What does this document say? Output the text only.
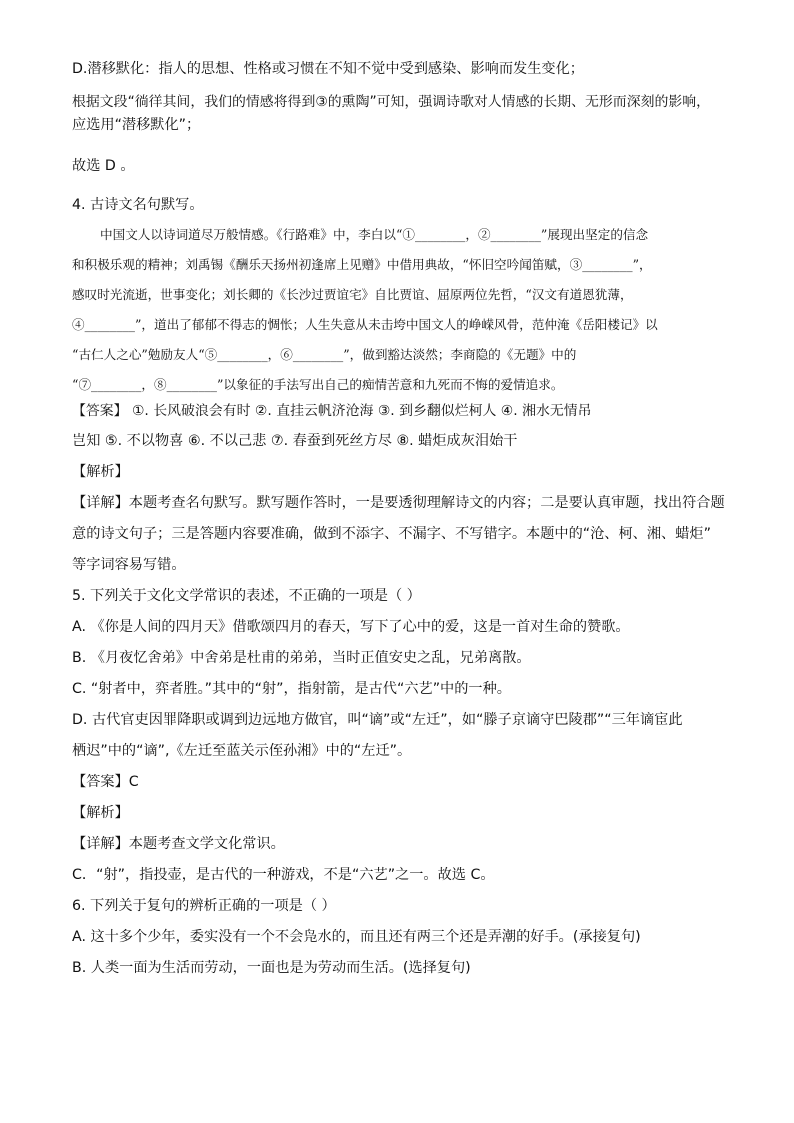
D.潜移默化：指人的思想、性格或习惯在不知不觉中受到感染、影响而发生变化；

根据文段“徜徉其间，我们的情感将得到③的熏陶”可知，强调诗歌对人情感的长期、无形而深刻的影响，

应选用“潜移默化”；

故选 D 。

4. 古诗文名句默写。

中国文人以诗词道尽万般情感。《行路难》中，李白以“①________，②________”展现出坚定的信念

和积极乐观的精神；刘禹锡《酬乐天扬州初逢席上见赠》中借用典故，“怀旧空吟闻笛赋，③________”，

感叹时光流逝，世事变化；刘长卿的《长沙过贾谊宅》自比贾谊、屈原两位先哲，“汉文有道恩犹薄，

④________”，道出了郁郁不得志的惆怅；人生失意从未击垮中国文人的峥嵘风骨，范仲淹《岳阳楼记》以

“古仁人之心”勉励友人“⑤________，⑥________”，做到豁达淡然；李商隐的《无题》中的

“⑦________，⑧________”以象征的手法写出自己的痴情苦意和九死而不悔的爱情追求。

【答案】 ①. 长风破浪会有时 ②. 直挂云帆济沧海 ③. 到乡翻似烂柯人 ④. 湘水无情吊

岂知 ⑤. 不以物喜 ⑥. 不以己悲 ⑦. 春蚕到死丝方尽 ⑧. 蜡炬成灰泪始干

【解析】

【详解】本题考查名句默写。默写题作答时，一是要透彻理解诗文的内容；二是要认真审题，找出符合题

意的诗文句子；三是答题内容要准确，做到不添字、不漏字、不写错字。本题中的“沧、柯、湘、蜡炬”

等字词容易写错。

5. 下列关于文化文学常识的表述，不正确的一项是（ ）

A. 《你是人间的四月天》借歌颂四月的春天，写下了心中的爱，这是一首对生命的赞歌。

B. 《月夜忆舍弟》中舍弟是杜甫的弟弟，当时正值安史之乱，兄弟离散。

C. “射者中，弈者胜。”其中的“射”，指射箭，是古代“六艺”中的一种。

D. 古代官吏因罪降职或调到边远地方做官，叫“谪”或“左迁”，如“滕子京谪守巴陵郡”“三年谪宦此

栖迟”中的“谪”,《左迁至蓝关示侄孙湘》中的“左迁”。

【答案】C

【解析】

【详解】本题考查文学文化常识。

C．“射”，指投壶，是古代的一种游戏，不是“六艺”之一。故选 C。

6. 下列关于复句的辨析正确的一项是（ ）

A. 这十多个少年，委实没有一个不会凫水的，而且还有两三个还是弄潮的好手。(承接复句)

B. 人类一面为生活而劳动，一面也是为劳动而生活。(选择复句)
